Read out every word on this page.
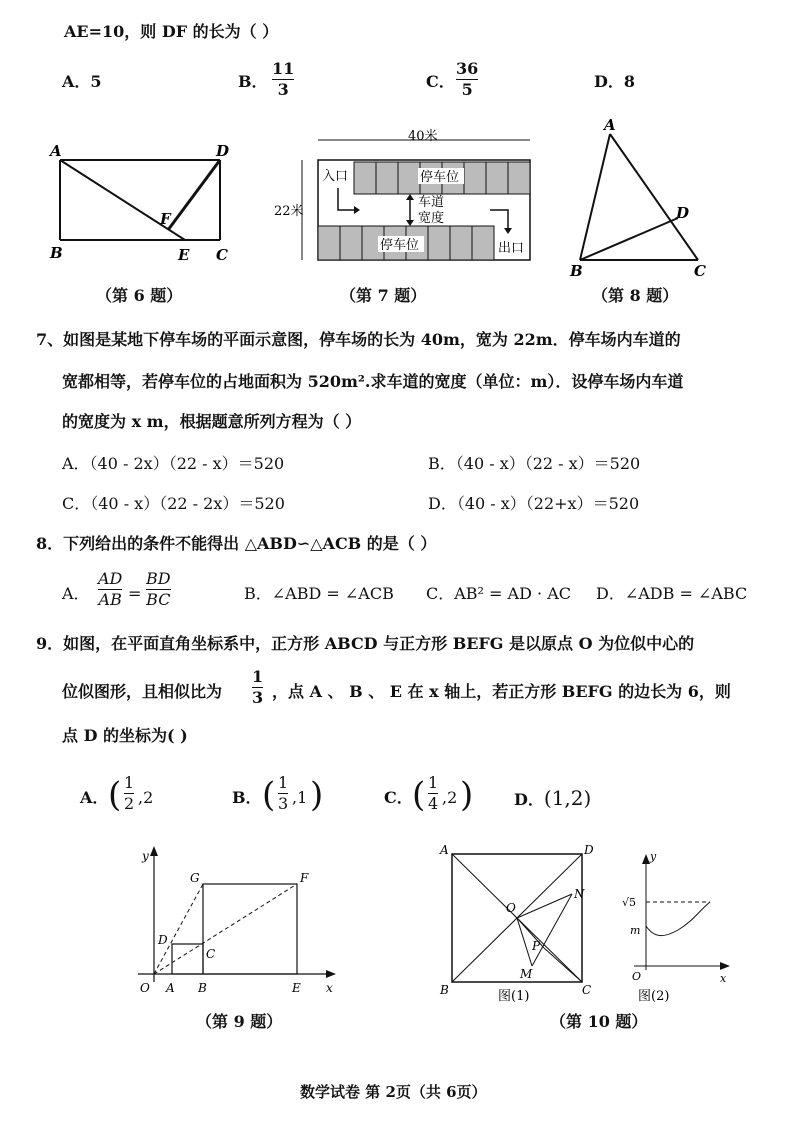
AE=10，则 DF 的长为（ ）
A．5	B．
11
3	C．
36
5	D．8
A	D
F
B	E C
（第 6 题）
40米
22米
停车位
停车位
入口
出口
车道
宽度
（第 7 题）
A
D
B	C
（第 8 题）
7、如图是某地下停车场的平面示意图，停车场的长为 40m，宽为 22m．停车场内车道的
宽都相等，若停车位的占地面积为 520m².求车道的宽度（单位：m）．设停车场内车道
的宽度为 x m，根据题意所列方程为（ ）
A．（40 - 2x）（22 - x）＝520	B．（40 - x）（22 - x）＝520
C．（40 - x）（22 - 2x）＝520	D．（40 - x）（22+x）＝520
8．下列给出的条件不能得出 △ABD∽△ACB 的是（ ）
A．
AD
AB =
BD
BC	B．∠ABD = ∠ACB C．AB² = AD · AC D．∠ADB = ∠ABC
9．如图，在平面直角坐标系中，正方形 ABCD 与正方形 BEFG 是以原点 O 为位似中心的
位似图形，且相似比为
1
3 ，点 A 、 B 、 E 在 x 轴上，若正方形 BEFG 的边长为 6，则
点 D 的坐标为( )
A． ( 1
2 ,2	B． ( 1
3 ,1 )	C． ( 1
4 ,2 )	D．(1,2)
y
x
O A B	E
C
D
G	F
（第 9 题）
A	D
B	C
O
N
P
M
图(1)
y
x
√5
m
O
图(2)
（第 10 题）
数学试卷 第 2页（共 6页）
